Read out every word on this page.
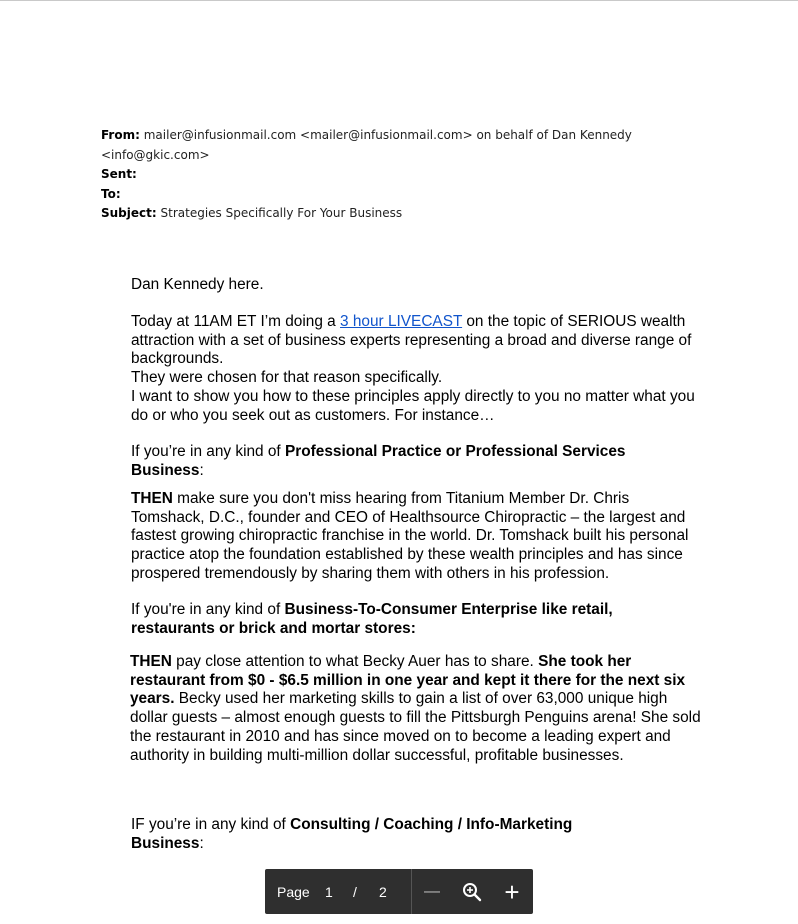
From: mailer@infusionmail.com <mailer@infusionmail.com> on behalf of Dan Kennedy <info@gkic.com>
Sent:
To:
Subject: Strategies Specifically For Your Business
Dan Kennedy here.
Today at 11AM ET I’m doing a 3 hour LIVECAST on the topic of SERIOUS wealth attraction with a set of business experts representing a broad and diverse range of backgrounds.
They were chosen for that reason specifically.
I want to show you how to these principles apply directly to you no matter what you do or who you seek out as customers. For instance…
If you’re in any kind of Professional Practice or Professional Services Business:
THEN make sure you don't miss hearing from Titanium Member Dr. Chris Tomshack, D.C., founder and CEO of Healthsource Chiropractic – the largest and fastest growing chiropractic franchise in the world. Dr. Tomshack built his personal practice atop the foundation established by these wealth principles and has since prospered tremendously by sharing them with others in his profession.
If you're in any kind of Business-To-Consumer Enterprise like retail, restaurants or brick and mortar stores:
THEN pay close attention to what Becky Auer has to share. She took her restaurant from $0 - $6.5 million in one year and kept it there for the next six years. Becky used her marketing skills to gain a list of over 63,000 unique high dollar guests – almost enough guests to fill the Pittsburgh Penguins arena! She sold the restaurant in 2010 and has since moved on to become a leading expert and authority in building multi-million dollar successful, profitable businesses.
IF you’re in any kind of Consulting / Coaching / Info-Marketing
Business:
Page	1	/	2 — +
